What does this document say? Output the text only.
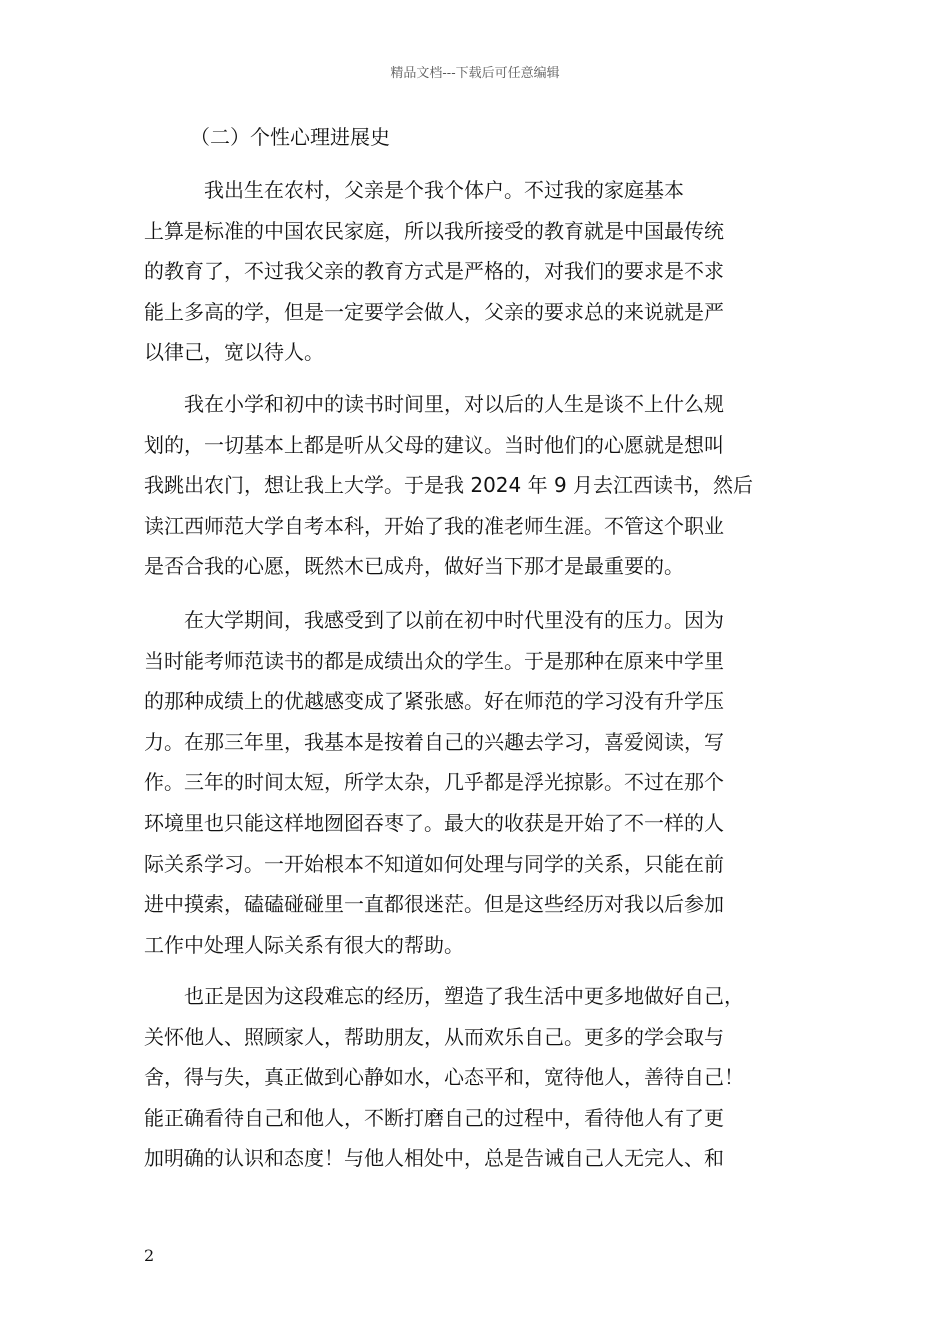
精品文档---下载后可任意编辑
（二）个性心理进展史
　　　我出生在农村，父亲是个我个体户。不过我的家庭基本
上算是标准的中国农民家庭，所以我所接受的教育就是中国最传统
的教育了，不过我父亲的教育方式是严格的，对我们的要求是不求
能上多高的学，但是一定要学会做人，父亲的要求总的来说就是严
以律己，宽以待人。
　　我在小学和初中的读书时间里，对以后的人生是谈不上什么规
划的，一切基本上都是听从父母的建议。当时他们的心愿就是想叫
我跳出农门，想让我上大学。于是我 2024 年 9 月去江西读书，然后
读江西师范大学自考本科，开始了我的准老师生涯。不管这个职业
是否合我的心愿，既然木已成舟，做好当下那才是最重要的。
　　在大学期间，我感受到了以前在初中时代里没有的压力。因为
当时能考师范读书的都是成绩出众的学生。于是那种在原来中学里
的那种成绩上的优越感变成了紧张感。好在师范的学习没有升学压
力。在那三年里，我基本是按着自己的兴趣去学习，喜爱阅读，写
作。三年的时间太短，所学太杂，几乎都是浮光掠影。不过在那个
环境里也只能这样地囫囵吞枣了。最大的收获是开始了不一样的人
际关系学习。一开始根本不知道如何处理与同学的关系，只能在前
进中摸索，磕磕碰碰里一直都很迷茫。但是这些经历对我以后参加
工作中处理人际关系有很大的帮助。
　　也正是因为这段难忘的经历，塑造了我生活中更多地做好自己，
关怀他人、照顾家人，帮助朋友，从而欢乐自己。更多的学会取与
舍，得与失，真正做到心静如水，心态平和，宽待他人，善待自己！
能正确看待自己和他人，不断打磨自己的过程中，看待他人有了更
加明确的认识和态度！与他人相处中，总是告诫自己人无完人、和
2
